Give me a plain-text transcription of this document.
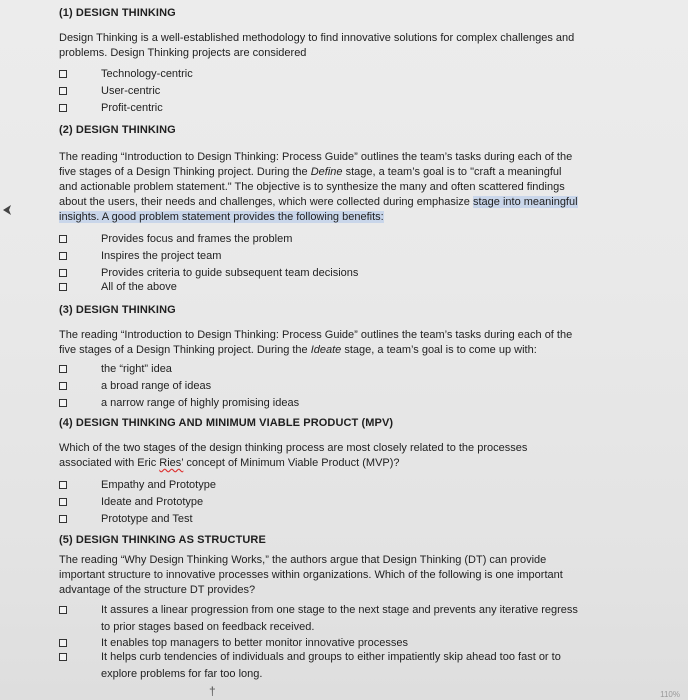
(1) DESIGN THINKING
Design Thinking is a well-established methodology to find innovative solutions for complex challenges and problems. Design Thinking projects are considered
Technology-centric
User-centric
Profit-centric
(2) DESIGN THINKING
The reading “Introduction to Design Thinking: Process Guide” outlines the team’s tasks during each of the five stages of a Design Thinking project. During the Define stage, a team’s goal is to "craft a meaningful and actionable problem statement." The objective is to synthesize the many and often scattered findings about the users, their needs and challenges, which were collected during emphasize stage into meaningful insights. A good problem statement provides the following benefits:
Provides focus and frames the problem
Inspires the project team
Provides criteria to guide subsequent team decisions
All of the above
(3) DESIGN THINKING
The reading “Introduction to Design Thinking: Process Guide” outlines the team’s tasks during each of the five stages of a Design Thinking project. During the Ideate stage, a team’s goal is to come up with:
the “right” idea
a broad range of ideas
a narrow range of highly promising ideas
(4) DESIGN THINKING AND MINIMUM VIABLE PRODUCT (MPV)
Which of the two stages of the design thinking process are most closely related to the processes associated with Eric Ries’ concept of Minimum Viable Product (MVP)?
Empathy and Prototype
Ideate and Prototype
Prototype and Test
(5) DESIGN THINKING AS STRUCTURE
The reading “Why Design Thinking Works,” the authors argue that Design Thinking (DT) can provide important structure to innovative processes within organizations. Which of the following is one important advantage of the structure DT provides?
It assures a linear progression from one stage to the next stage and prevents any iterative regress to prior stages based on feedback received.
It enables top managers to better monitor innovative processes
It helps curb tendencies of individuals and groups to either impatiently skip ahead too fast or to explore problems for far too long.
†	110%
